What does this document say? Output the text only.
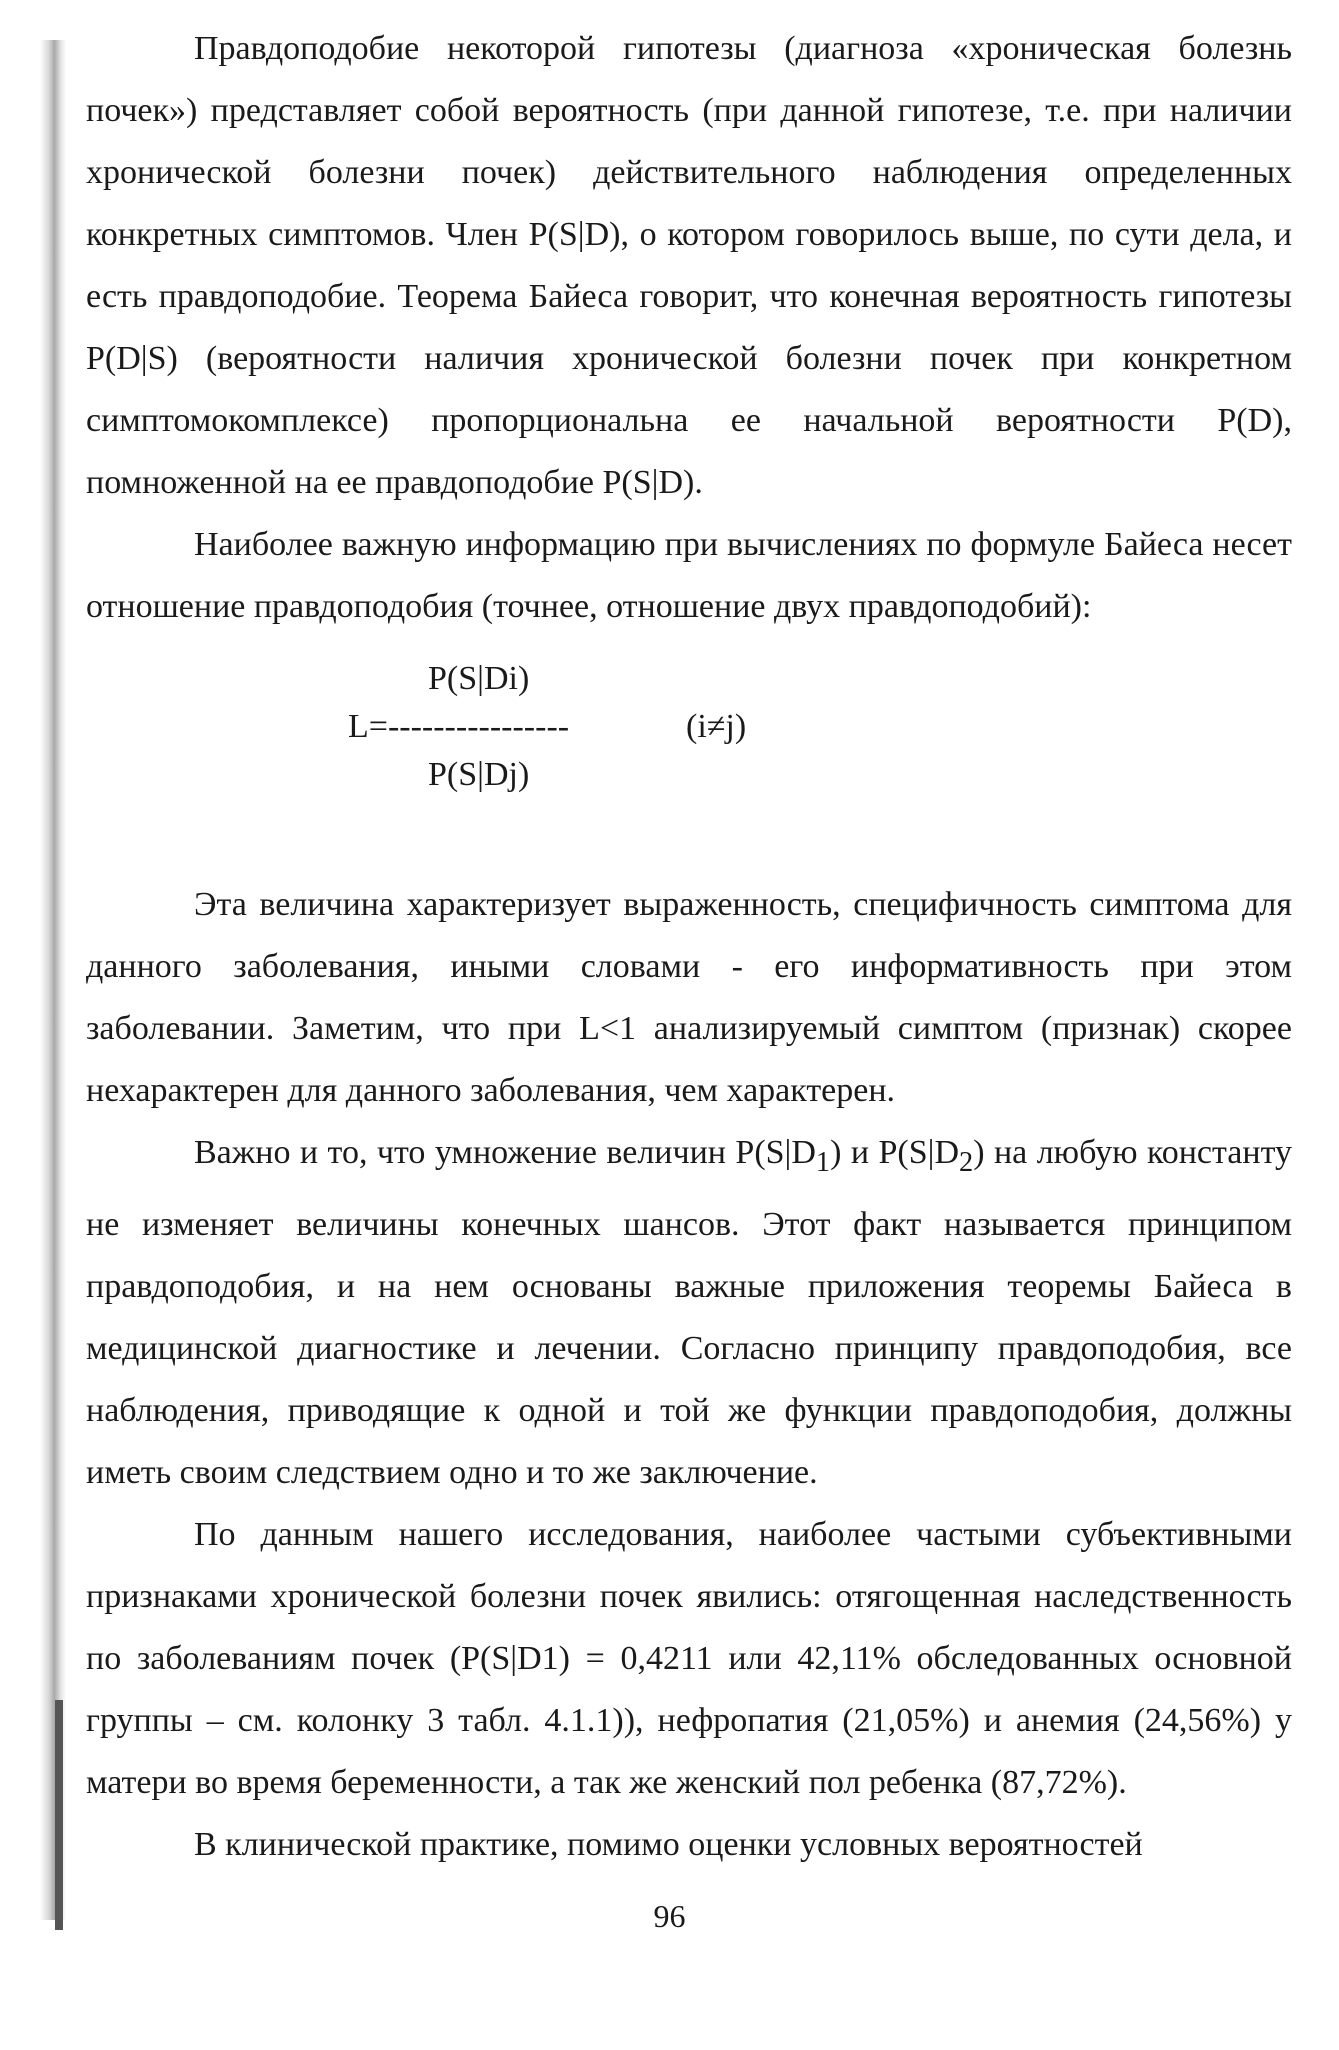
Правдоподобие некоторой гипотезы (диагноза «хроническая болезнь почек») представляет собой вероятность (при данной гипотезе, т.е. при наличии хронической болезни почек) действительного наблюдения определенных конкретных симптомов. Член P(S|D), о котором говорилось выше, по сути дела, и есть правдоподобие. Теорема Байеса говорит, что конечная вероятность гипотезы P(D|S) (вероятности наличия хронической болезни почек при конкретном симптомокомплексе) пропорциональна ее начальной вероятности P(D), помноженной на ее правдоподобие P(S|D).

Наиболее важную информацию при вычислениях по формуле Байеса несет отношение правдоподобия (точнее, отношение двух правдоподобий):

P(S|Di)
L=----------------	(i≠j)
P(S|Dj)

Эта величина характеризует выраженность, специфичность симптома для данного заболевания, иными словами - его информативность при этом заболевании. Заметим, что при L<1 анализируемый симптом (признак) скорее нехарактерен для данного заболевания, чем характерен.

Важно и то, что умножение величин $P(S|D_1)$ и $P(S|D_2)$ на любую константу не изменяет величины конечных шансов. Этот факт называется принципом правдоподобия, и на нем основаны важные приложения теоремы Байеса в медицинской диагностике и лечении. Согласно принципу правдоподобия, все наблюдения, приводящие к одной и той же функции правдоподобия, должны иметь своим следствием одно и то же заключение.

По данным нашего исследования, наиболее частыми субъективными признаками хронической болезни почек явились: отягощенная наследственность по заболеваниям почек (P(S|D1) = 0,4211 или 42,11% обследованных основной группы – см. колонку 3 табл. 4.1.1)), нефропатия (21,05%) и анемия (24,56%) у матери во время беременности, а так же женский пол ребенка (87,72%).

В клинической практике, помимо оценки условных вероятностей

96
